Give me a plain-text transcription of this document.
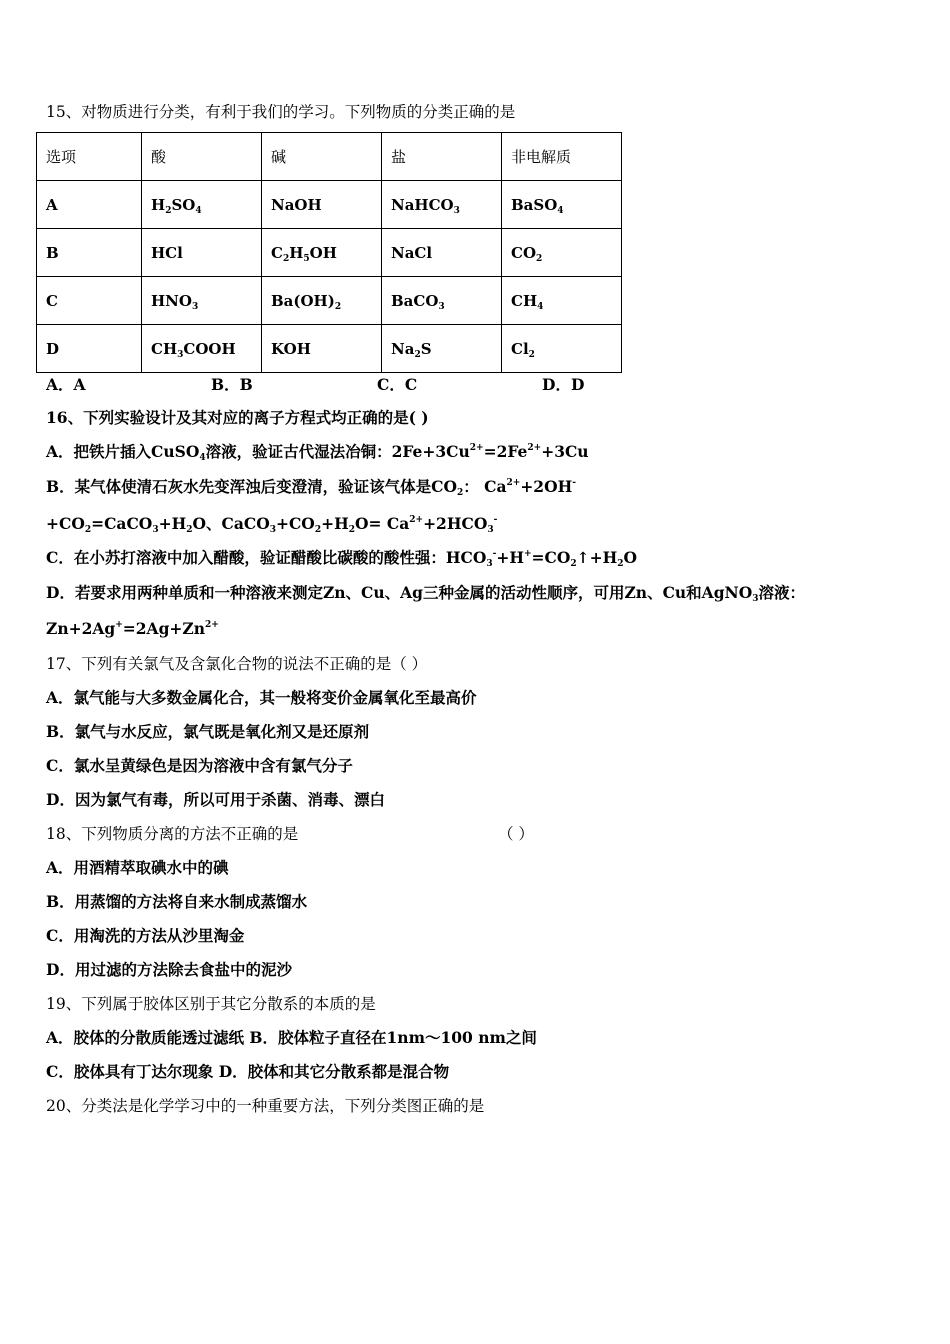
15、对物质进行分类，有利于我们的学习。下列物质的分类正确的是
选项	酸	碱	盐	非电解质
A	$H_2SO_4$	NaOH	NaHCO$_3$	BaSO$_4$
B	HCl	$C_2H_5OH$	NaCl	$CO_2$
C	$HNO_3$	$Ba(OH)_2$	BaCO$_3$	$CH_4$
D	$CH_3COOH$	KOH	$Na_2S$	$Cl_2$
A．A	B．B	C．C	D．D
16、下列实验设计及其对应的离子方程式均正确的是( )
A．把铁片插入CuSO$_4$溶液，验证古代湿法冶铜：$2Fe+3Cu^{2+}=2Fe^{2+}+3Cu$
B．某气体使清石灰水先变浑浊后变澄清，验证该气体是$CO_2$： $Ca^{2+}+2OH^-$
$+CO_2=CaCO_3+H_2O$、$CaCO_3+CO_2+H_2O= Ca^{2+}+2HCO_3^-$
C．在小苏打溶液中加入醋酸，验证醋酸比碳酸的酸性强：$HCO_3^-+H^+=CO_2↑+H_2O$
D．若要求用两种单质和一种溶液来测定Zn、Cu、Ag三种金属的活动性顺序，可用Zn、Cu和AgNO$_3$溶液：
$Zn+2Ag^+=2Ag+Zn^{2+}$
17、下列有关氯气及含氯化合物的说法不正确的是（ ）
A．氯气能与大多数金属化合，其一般将变价金属氧化至最高价
B．氯气与水反应，氯气既是氧化剂又是还原剂
C．氯水呈黄绿色是因为溶液中含有氯气分子
D．因为氯气有毒，所以可用于杀菌、消毒、漂白
18、下列物质分离的方法不正确的是	（ ）
A．用酒精萃取碘水中的碘
B．用蒸馏的方法将自来水制成蒸馏水
C．用淘洗的方法从沙里淘金
D．用过滤的方法除去食盐中的泥沙
19、下列属于胶体区别于其它分散系的本质的是
A．胶体的分散质能透过滤纸 B．胶体粒子直径在1nm～100 nm之间
C．胶体具有丁达尔现象 D．胶体和其它分散系都是混合物
20、分类法是化学学习中的一种重要方法，下列分类图正确的是
